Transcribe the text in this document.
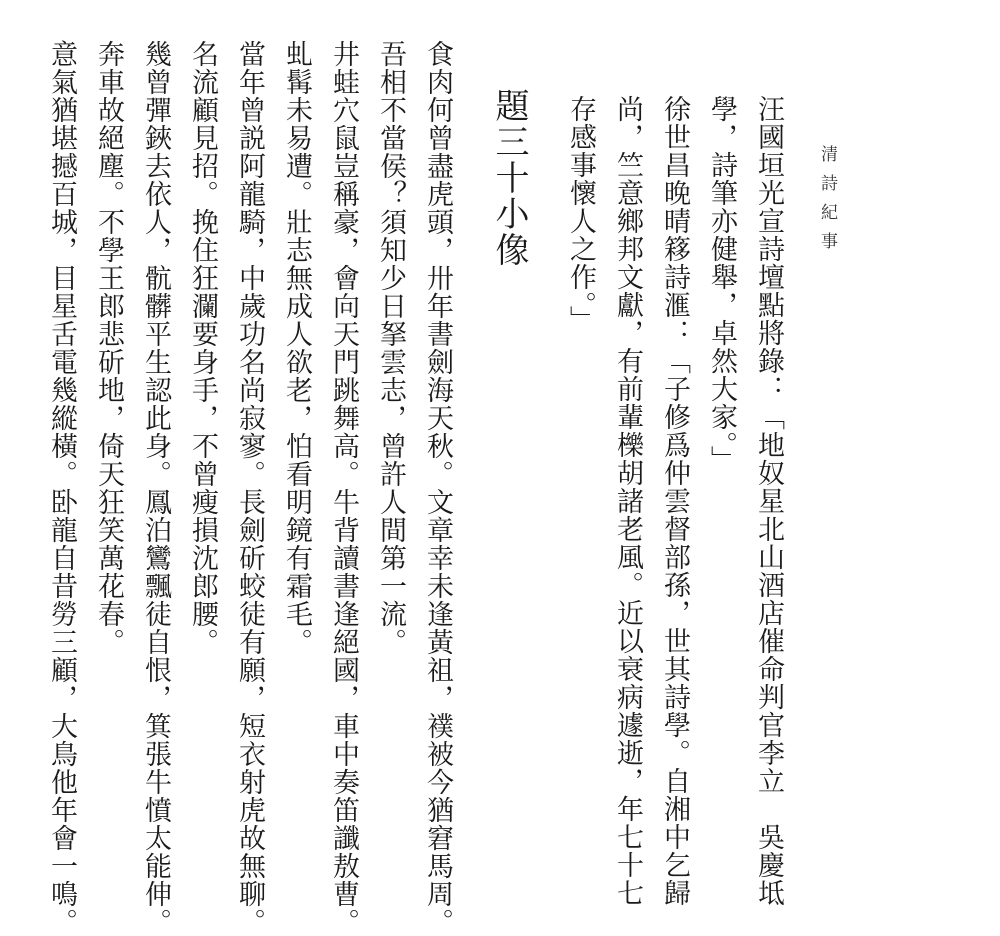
清詩紀事
汪國垣光宣詩壇點將錄：「地奴星北山酒店催命判官李立　吳慶坻
學，詩筆亦健舉，卓然大家。」
徐世昌晚晴簃詩滙：「子修爲仲雲督部孫，世其詩學。自湘中乞歸
尚，竺意鄉邦文獻，有前輩櫟胡諸老風。近以衰病遽逝，年七十七
存感事懷人之作。」
題三十小像
食肉何曾盡虎頭，卅年書劍海天秋。文章幸未逢黃祖，襆被今猶窘馬周。
吾相不當侯？須知少日拏雲志，曾許人間第一流。
井蛙穴鼠豈稱豪，會向天門跳舞高。牛背讀書逢絕國，車中奏笛讖敖曹。
虬髯未易遭。壯志無成人欲老，怕看明鏡有霜毛。
當年曾説阿龍騎，中歲功名尚寂寥。長劍斫蛟徒有願，短衣射虎故無聊。
名流顧見招。挽住狂瀾要身手，不曾瘦損沈郎腰。
幾曾彈鋏去依人，骯髒平生認此身。鳳泊鸞飄徒自恨，箕張牛憤太能伸。
奔車故絕塵。不學王郎悲斫地，倚天狂笑萬花春。
意氣猶堪撼百城，目星舌電幾縱橫。卧龍自昔勞三顧，大鳥他年會一鳴。
